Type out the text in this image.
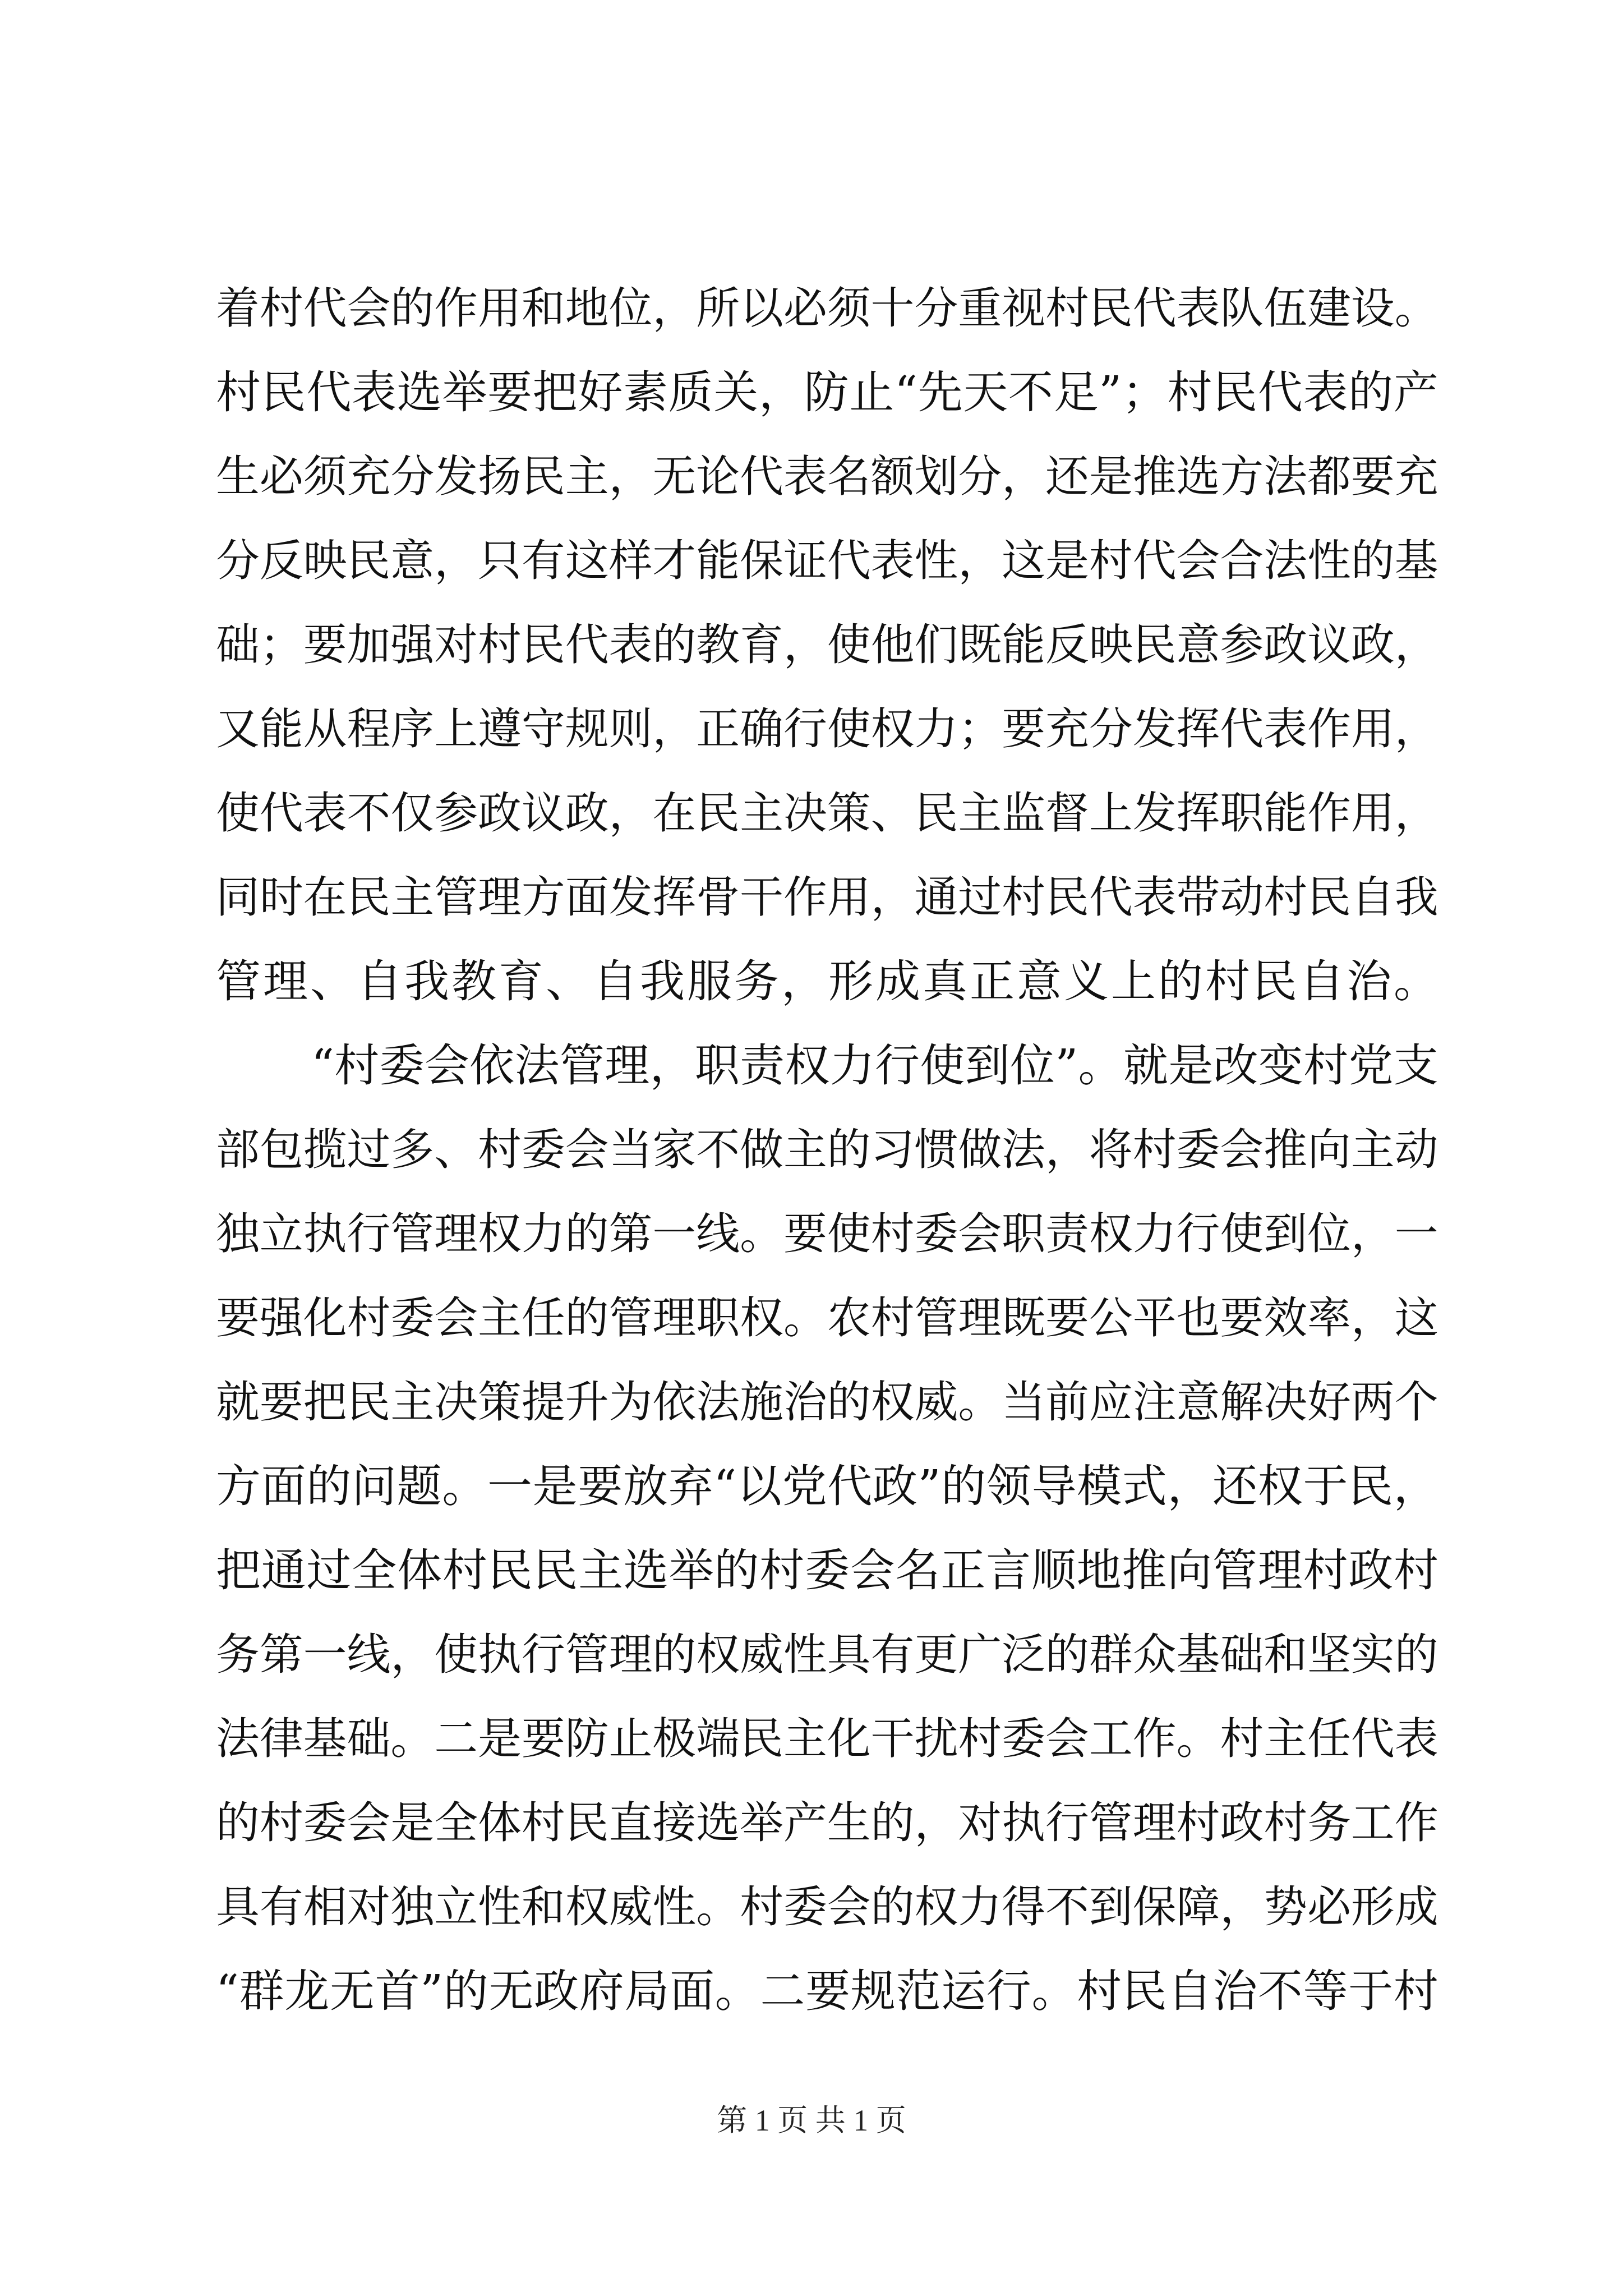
着村代会的作用和地位，所以必须十分重视村民代表队伍建设。
村民代表选举要把好素质关，防止“先天不足”；村民代表的产
生必须充分发扬民主，无论代表名额划分，还是推选方法都要充
分反映民意，只有这样才能保证代表性，这是村代会合法性的基
础；要加强对村民代表的教育，使他们既能反映民意参政议政，
又能从程序上遵守规则，正确行使权力；要充分发挥代表作用，
使代表不仅参政议政，在民主决策、民主监督上发挥职能作用，
同时在民主管理方面发挥骨干作用，通过村民代表带动村民自我
管理、自我教育、自我服务，形成真正意义上的村民自治。
“村委会依法管理，职责权力行使到位”。就是改变村党支
部包揽过多、村委会当家不做主的习惯做法，将村委会推向主动
独立执行管理权力的第一线。要使村委会职责权力行使到位，一
要强化村委会主任的管理职权。农村管理既要公平也要效率，这
就要把民主决策提升为依法施治的权威。当前应注意解决好两个
方面的问题。一是要放弃“以党代政”的领导模式，还权于民，
把通过全体村民民主选举的村委会名正言顺地推向管理村政村
务第一线，使执行管理的权威性具有更广泛的群众基础和坚实的
法律基础。二是要防止极端民主化干扰村委会工作。村主任代表
的村委会是全体村民直接选举产生的，对执行管理村政村务工作
具有相对独立性和权威性。村委会的权力得不到保障，势必形成
“群龙无首”的无政府局面。二要规范运行。村民自治不等于村
第 1 页 共 1 页
